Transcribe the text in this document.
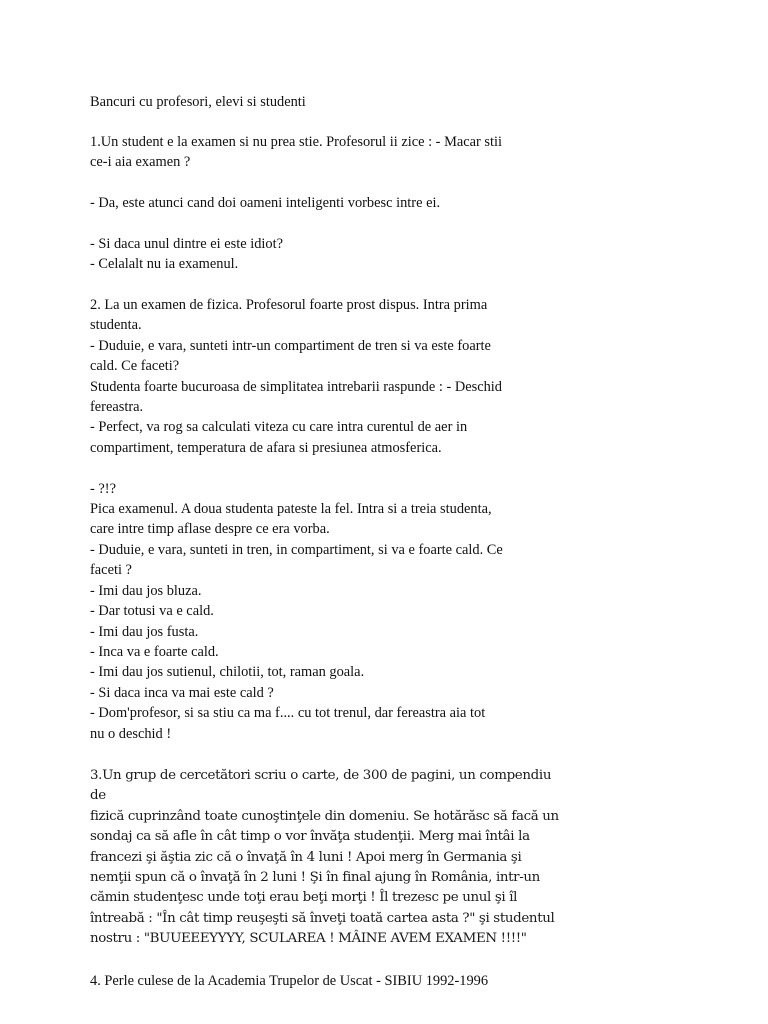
Bancuri cu profesori, elevi si studenti
1.Un student e la examen si nu prea stie. Profesorul ii zice : - Macar stii
ce-i aia examen ?

- Da, este atunci cand doi oameni inteligenti vorbesc intre ei.

- Si daca unul dintre ei este idiot?
- Celalalt nu ia examenul.
2. La un examen de fizica. Profesorul foarte prost dispus. Intra prima
studenta.
- Duduie, e vara, sunteti intr-un compartiment de tren si va este foarte
cald. Ce faceti?
Studenta foarte bucuroasa de simplitatea intrebarii raspunde : - Deschid
fereastra.
- Perfect, va rog sa calculati viteza cu care intra curentul de aer in
compartiment, temperatura de afara si presiunea atmosferica.

- ?!?
Pica examenul. A doua studenta pateste la fel. Intra si a treia studenta,
care intre timp aflase despre ce era vorba.
- Duduie, e vara, sunteti in tren, in compartiment, si va e foarte cald. Ce
faceti ?
- Imi dau jos bluza.
- Dar totusi va e cald.
- Imi dau jos fusta.
- Inca va e foarte cald.
- Imi dau jos sutienul, chilotii, tot, raman goala.
- Si daca inca va mai este cald ?
- Dom'profesor, si sa stiu ca ma f.... cu tot trenul, dar fereastra aia tot
nu o deschid !
3.Un grup de cercetători scriu o carte, de 300 de pagini, un compendiu de
fizică cuprinzând toate cunoştinţele din domeniu. Se hotărăsc să facă un
sondaj ca să afle în cât timp o vor învăţa studenţii. Merg mai întâi la
francezi şi ăştia zic că o învaţă în 4 luni ! Apoi merg în Germania şi
nemţii spun că o învaţă în 2 luni ! Şi în final ajung în România, intr-un
cămin studenţesc unde toţi erau beţi morţi ! Îl trezesc pe unul şi îl
întreabă : "În cât timp reuşeşti să înveţi toată cartea asta ?" şi studentul
nostru : "BUUEEEYYYY, SCULAREA ! MÂINE AVEM EXAMEN !!!!"
4. Perle culese de la Academia Trupelor de Uscat - SIBIU 1992-1996
